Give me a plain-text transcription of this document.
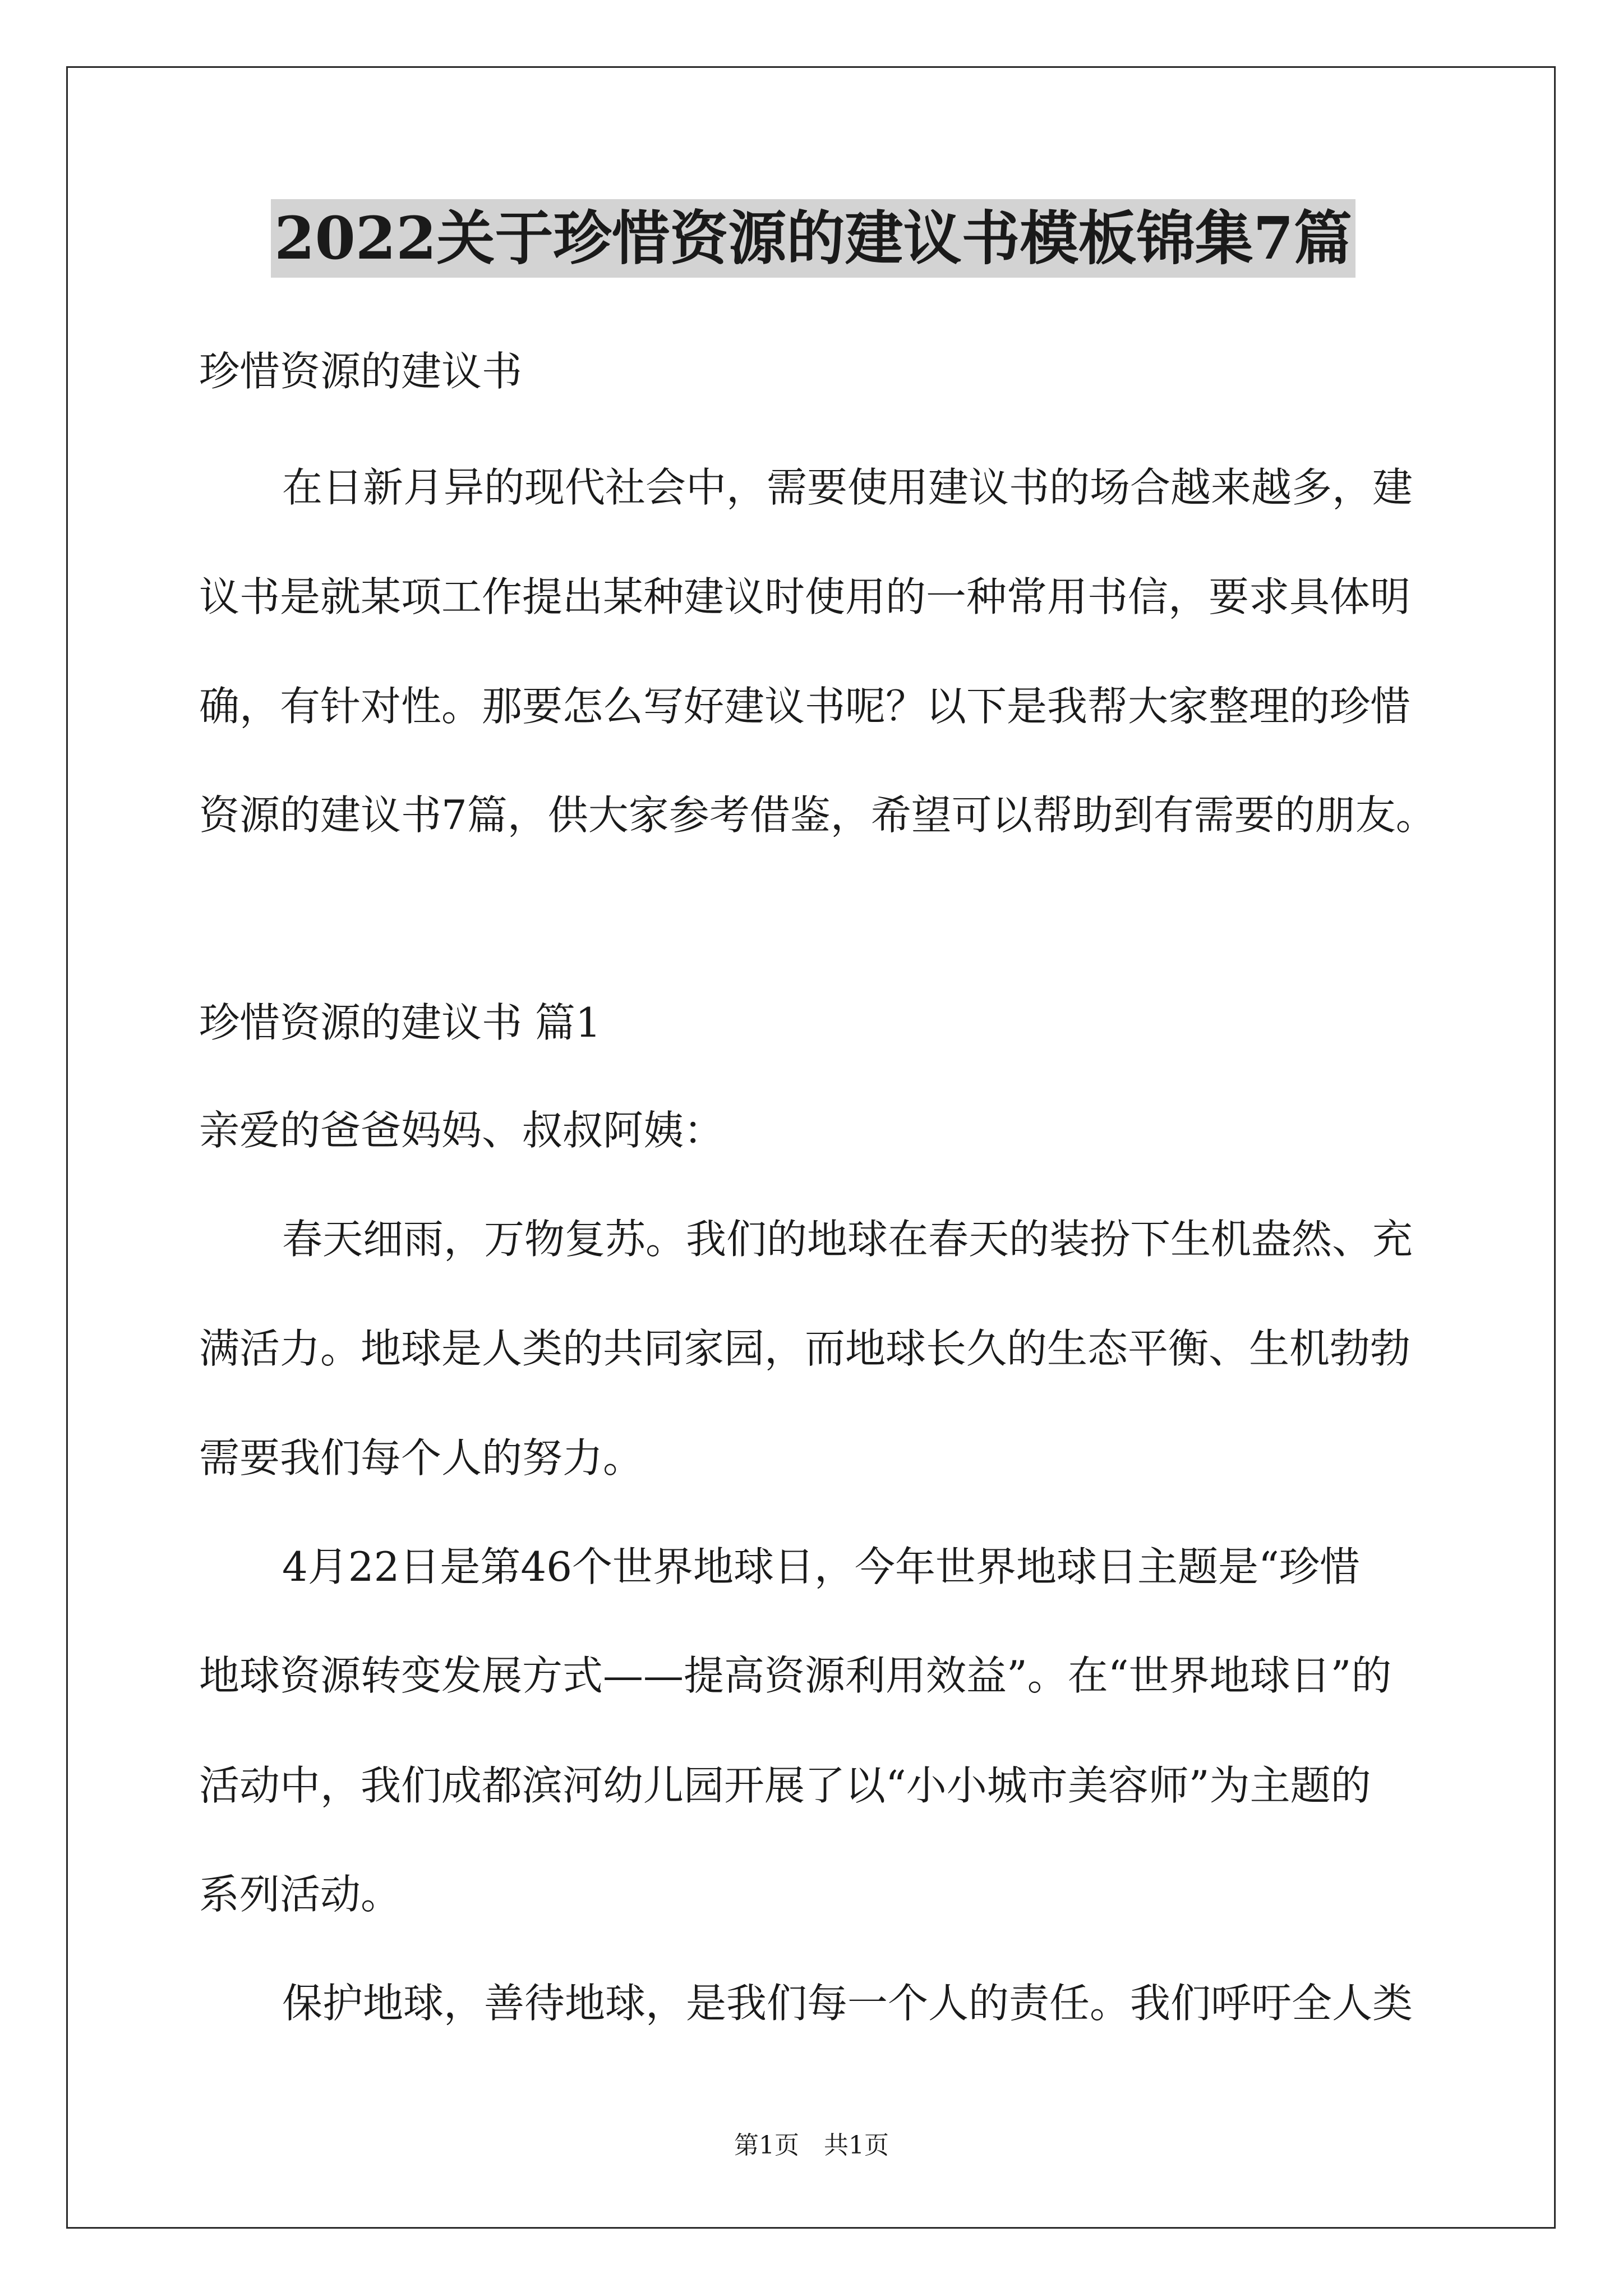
2022关于珍惜资源的建议书模板锦集7篇

珍惜资源的建议书

在日新月异的现代社会中，需要使用建议书的场合越来越多，建

议书是就某项工作提出某种建议时使用的一种常用书信，要求具体明

确，有针对性。那要怎么写好建议书呢？以下是我帮大家整理的珍惜

资源的建议书7篇，供大家参考借鉴，希望可以帮助到有需要的朋友。

珍惜资源的建议书 篇1

亲爱的爸爸妈妈、叔叔阿姨：

春天细雨，万物复苏。我们的地球在春天的装扮下生机盎然、充

满活力。地球是人类的共同家园，而地球长久的生态平衡、生机勃勃

需要我们每个人的努力。

4月22日是第46个世界地球日，今年世界地球日主题是“珍惜

地球资源转变发展方式——提高资源利用效益”。在“世界地球日”的

活动中，我们成都滨河幼儿园开展了以“小小城市美容师”为主题的

系列活动。

保护地球，善待地球，是我们每一个人的责任。我们呼吁全人类

第1页　共1页
